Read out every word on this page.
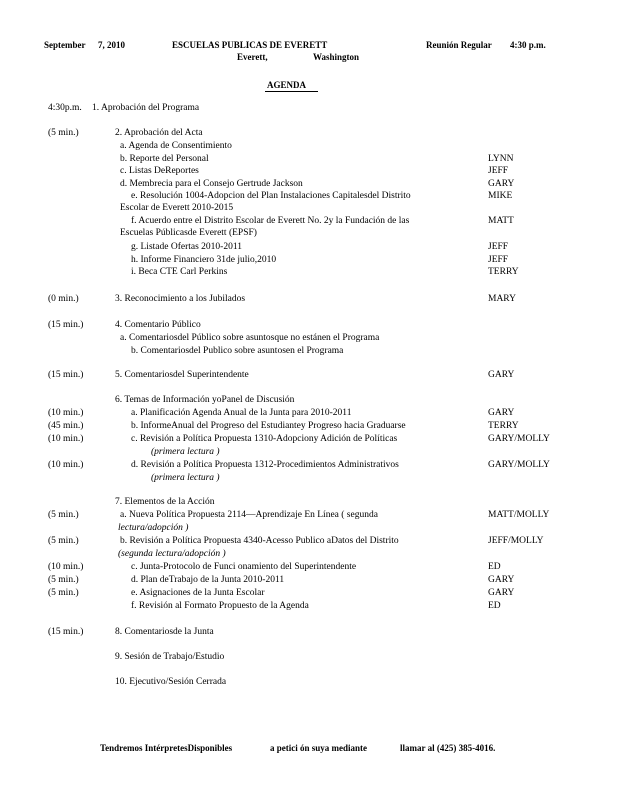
September 7, 2010	ESCUELAS PUBLICAS DE EVERETT
Everett,	Washington
Reunión Regular 4:30 p.m.
AGENDA
4:30p.m. 1. Aprobación del Programa
(5 min.)	2. Aprobación del Acta
a. Agenda de Consentimiento
b. Reporte del Personal	LYNN
c. Listas DeReportes	JEFF
d. Membrecia para el Consejo Gertrude Jackson	GARY
e. Resolución 1004-Adopcion del Plan Instalaciones Capitalesdel Distrito	MIKE
Escolar de Everett 2010-2015
f. Acuerdo entre el Distrito Escolar de Everett No. 2y la Fundación de las	MATT
Escuelas Públicasde Everett (EPSF)
g. Listade Ofertas 2010-2011	JEFF
h. Informe Financiero 31de julio,2010	JEFF
i. Beca CTE Carl Perkins	TERRY
(0 min.)	3. Reconocimiento a los Jubilados	MARY
(15 min.)	4. Comentario Público
a. Comentariosdel Público sobre asuntosque no estánen el Programa
b. Comentariosdel Publico sobre asuntosen el Programa
(15 min.)	5. Comentariosdel Superintendente	GARY
6. Temas de Información yoPanel de Discusión
(10 min.)	a. Planificación Agenda Anual de la Junta para 2010-2011	GARY
(45 min.)	b. InformeAnual del Progreso del Estudiantey Progreso hacia Graduarse	TERRY
(10 min.)	c. Revisión a Política Propuesta 1310-Adopciony Adición de Políticas	GARY/MOLLY
(primera lectura )
(10 min.)	d. Revisión a Política Propuesta 1312-Procedimientos Administrativos	GARY/MOLLY
(primera lectura )
7. Elementos de la Acción
(5 min.)	a. Nueva Política Propuesta 2114—Aprendizaje En Línea ( segunda	MATT/MOLLY
lectura/adopción )
(5 min.)	b. Revisión a Política Propuesta 4340-Acesso Publico aDatos del Distrito	JEFF/MOLLY
(segunda lectura/adopción )
(10 min.)	c. Junta-Protocolo de Funci onamiento del Superintendente	ED
(5 min.)	d. Plan deTrabajo de la Junta 2010-2011	GARY
(5 min.)	e. Asignaciones de la Junta Escolar	GARY
f. Revisión al Formato Propuesto de la Agenda	ED
(15 min.)	8. Comentariosde la Junta
9. Sesión de Trabajo/Estudio
10. Ejecutivo/Sesión Cerrada
Tendremos IntérpretesDisponibles	a petici ón suya mediante	llamar al (425) 385-4016.
